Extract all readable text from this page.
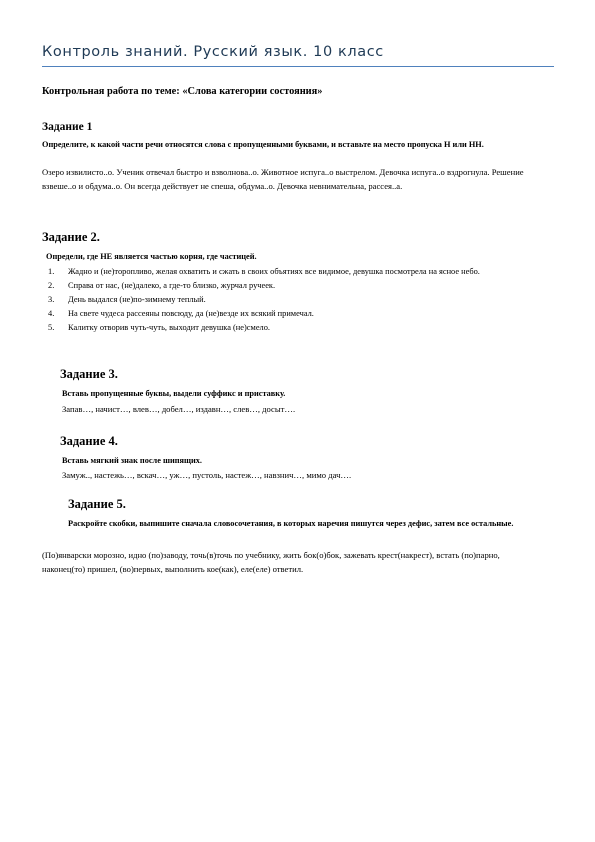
Контроль знаний. Русский язык. 10 класс
Контрольная работа по теме: «Слова категории состояния»
Задание 1
Определите, к какой части речи относятся слова с пропущенными буквами, и вставьте на место пропуска Н или НН.
Озеро извилисто..о. Ученик отвечал быстро и взволнова..о. Животное испуга..о выстрелом. Девочка испуга..о вздрогнула. Решение взвеше..о и обдума..о. Он всегда действует не спеша, обдума..о. Девочка невнимательна, рассея..а.
Задание 2.
Определи, где НЕ является частью корня, где частицей.
1. Жадно и (не)торопливо, желая охватить и сжать в своих объятиях все видимое, девушка посмотрела на ясное небо.
2. Справа от нас, (не)далеко, а где-то близко, журчал ручеек.
3. День выдался (не)по-зимнему теплый.
4. На свете чудеса рассеяны повсюду, да (не)везде их всякий примечал.
5. Калитку отворив чуть-чуть, выходит девушка (не)смело.
Задание 3.
Вставь пропущенные буквы, выдели суффикс и приставку.
Запав…, начист…, влев…, добел…, издавн…, слев…, досыт….
Задание 4.
Вставь мягкий знак после шипящих.
Замуж.., настежь…, вскач…, уж…, пустоль, настеж…, навзнич…, мимо дач….
Задание 5.
Раскройте скобки, выпишите сначала словосочетания, в которых наречия пишутся через дефис, затем все остальные.
(По)январски морозно, идно (по)заводу, точь(в)точь по учебнику, жить бок(о)бок, зажевать крест(накрест), встать (по)парно, наконец(то) пришел, (во)первых, выполнить кое(как), еле(еле) ответил.
